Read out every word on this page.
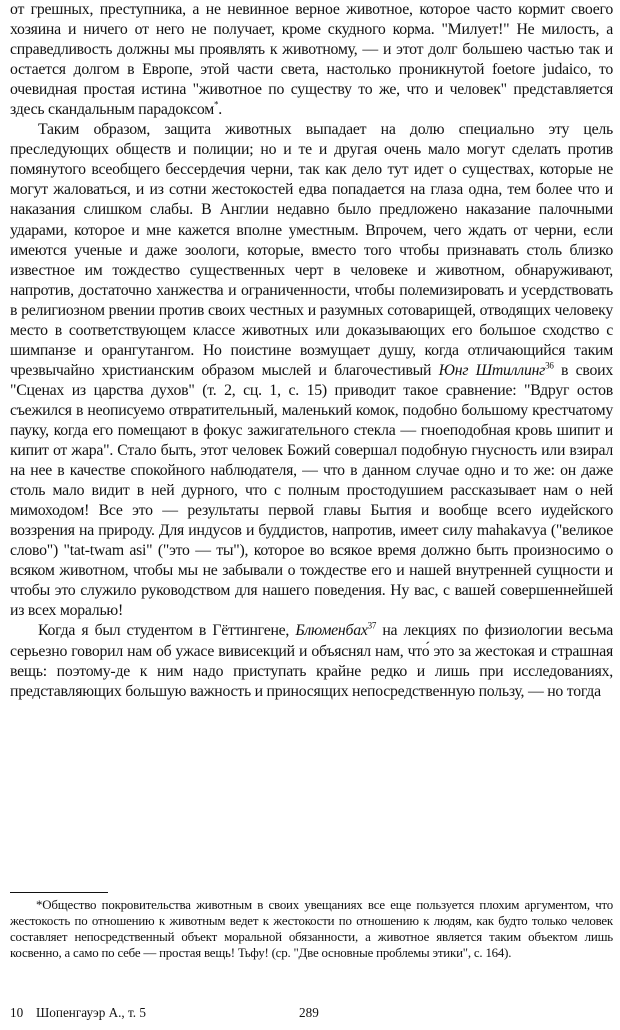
от грешных, преступника, а не невинное верное животное, которое часто кормит своего хозяина и ничего от него не получает, кроме скудного корма. "Милует!" Не милость, а справедливость должны мы проявлять к животному, — и этот долг большею частью так и остается долгом в Европе, этой части света, настолько проникнутой foetore judaico, то очевидная простая истина "животное по существу то же, что и человек" представляется здесь скандальным парадоксом*.

Таким образом, защита животных выпадает на долю специально эту цель преследующих обществ и полиции; но и те и другая очень мало могут сделать против помянутого всеобщего бессердечия черни, так как дело тут идет о существах, которые не могут жаловаться, и из сотни жестокостей едва попадается на глаза одна, тем более что и наказания слишком слабы. В Англии недавно было предложено наказание палочными ударами, которое и мне кажется вполне уместным. Впрочем, чего ждать от черни, если имеются ученые и даже зоологи, которые, вместо того чтобы признавать столь близко известное им тождество существенных черт в человеке и животном, обнаруживают, напротив, достаточно ханжества и ограниченности, чтобы полемизировать и усердствовать в религиозном рвении против своих честных и разумных сотоварищей, отводящих человеку место в соответствующем классе животных или доказывающих его большое сходство с шимпанзе и орангутангом. Но поистине возмущает душу, когда отличающийся таким чрезвычайно христианским образом мыслей и благочестивый Юнг Штиллинг$^{36}$ в своих "Сценах из царства духов" (т. 2, сц. 1, с. 15) приводит такое сравнение: "Вдруг остов съежился в неописуемо отвратительный, маленький комок, подобно большому крестчатому пауку, когда его помещают в фокус зажигательного стекла — гноеподобная кровь шипит и кипит от жара". Стало быть, этот человек Божий совершал подобную гнусность или взирал на нее в качестве спокойного наблюдателя, — что в данном случае одно и то же: он даже столь мало видит в ней дурного, что с полным простодушием рассказывает нам о ней мимоходом! Все это — результаты первой главы Бытия и вообще всего иудейского воззрения на природу. Для индусов и буддистов, напротив, имеет силу mahakavya ("великое слово") "tat-twam asi" ("это — ты"), которое во всякое время должно быть произносимо о всяком животном, чтобы мы не забывали о тождестве его и нашей внутренней сущности и чтобы это служило руководством для нашего поведения. Ну вас, с вашей совершеннейшей из всех моралью!

Когда я был студентом в Гёттингене, Блюменбах$^{37}$ на лекциях по физиологии весьма серьезно говорил нам об ужасе вивисекций и объяснял нам, что́ это за жестокая и страшная вещь: поэтому-де к ним надо приступать крайне редко и лишь при исследованиях, представляющих большую важность и приносящих непосредственную пользу, — но тогда

*Общество покровительства животным в своих увещаниях все еще пользуется плохим аргументом, что жестокость по отношению к животным ведет к жестокости по отношению к людям, как будто только человек составляет непосредственный объект моральной обязанности, а животное является таким объектом лишь косвенно, а само по себе — простая вещь! Тьфу! (ср. "Две основные проблемы этики", с. 164).

10 Шопенгауэр А., т. 5	289
